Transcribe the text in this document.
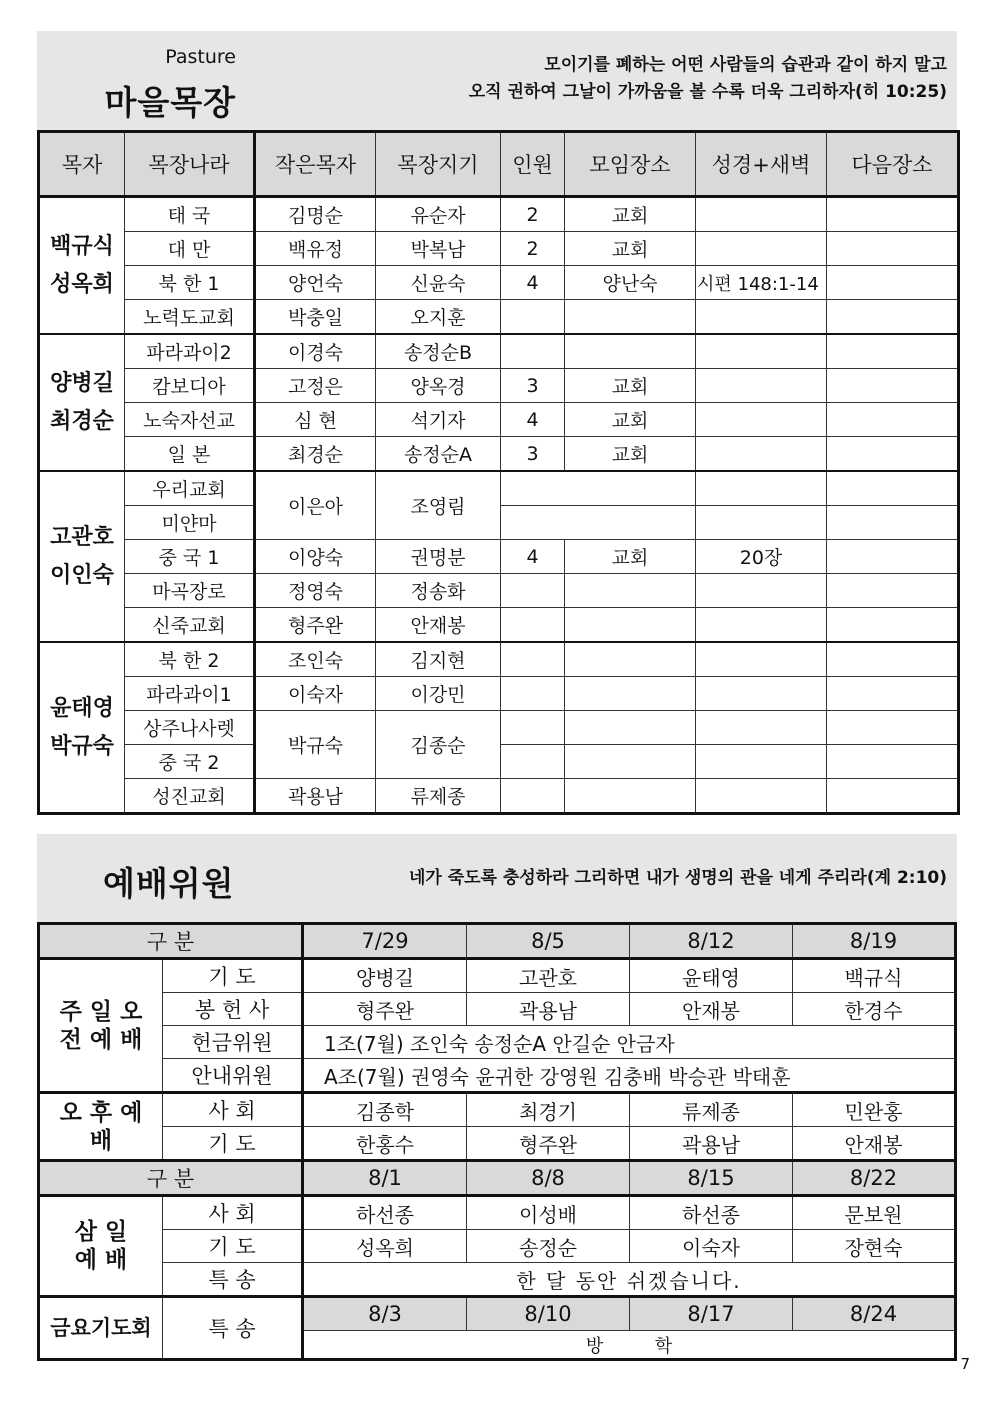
Pasture
마을목장
모이기를 폐하는 어떤 사람들의 습관과 같이 하지 말고
오직 권하여 그날이 가까움을 볼 수록 더욱 그리하자(히 10:25)
목자	목장나라	작은목자	목장지기	인원	모임장소	성경+새벽	다음장소

백규식
성옥희	태 국	김명순	유순자	2	교회		
	대 만	백유정	박복남	2	교회		
	북 한 1	양언숙	신윤숙	4	양난숙	시편 148:1-14	
	노력도교회	박충일	오지훈				

양병길
최경순	파라과이2	이경숙	송정순B				
	캄보디아	고정은	양옥경	3	교회		
	노숙자선교	심 현	석기자	4	교회		
	일 본	최경순	송정순A	3	교회		

고관호
이인숙	우리교회	이은아	조영림				
	미얀마						
	중 국 1	이양숙	권명분	4	교회	20장	
	마곡장로	정영숙	정송화				
	신죽교회	형주완	안재봉				

윤태영
박규숙	북 한 2	조인숙	김지현				
	파라과이1	이숙자	이강민				
	상주나사렛	박규숙	김종순				
	중 국 2						
	성진교회	곽용남	류제종				
예배위원	네가 죽도록 충성하라 그리하면 내가 생명의 관을 네게 주리라(계 2:10)
구 분		7/29	8/5	8/12	8/19
주 일 오 전 예 배	기 도	양병길	고관호	윤태영	백규식
	봉 헌 사	형주완	곽용남	안재봉	한경수
	헌금위원	1조(7월) 조인숙 송정순A 안길순 안금자			
	안내위원	A조(7월) 권영숙 윤귀한 강영원 김충배 박승관 박태훈			
오 후 예 배	사 회	김종학	최경기	류제종	민완홍
	기 도	한홍수	형주완	곽용남	안재봉
구 분		8/1	8/8	8/15	8/22
삼 일 예 배	사 회	하선종	이성배	하선종	문보원
	기 도	성옥희	송정순	이숙자	장현숙
	특 송	한 달 동안 쉬겠습니다.			
금요기도회	특 송	8/3	8/10	8/17	8/24
		방         학			
7
